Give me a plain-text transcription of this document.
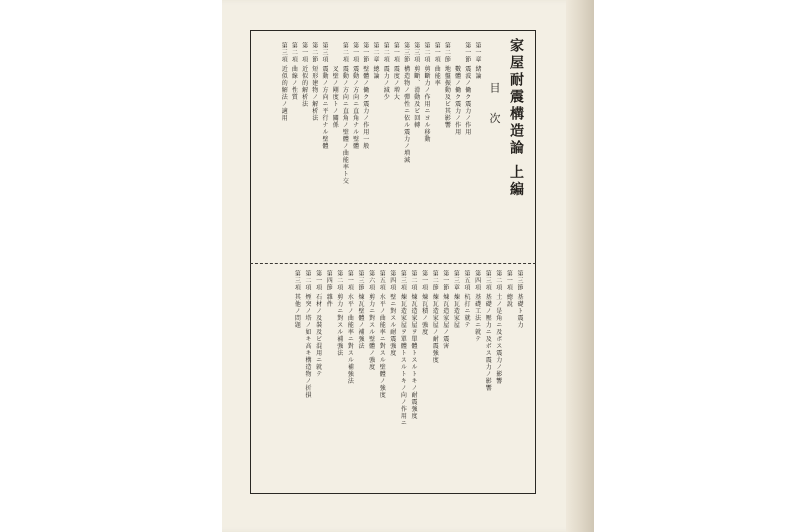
家屋耐震構造論 上編
目 次
第一章 緒論
第一節 震波ノ働ク震力ノ作用
　　　 數體ノ働ク震力ノ作用
第二節 地盤振動及ビ其影響
第一項 曲能率
第二項 剪斷力ノ作用ニヨル移動
第三項 剪斷、滑動及ビ回轉
第三節 構造物ノ彈性ニ依ル震力ノ増減
第一項 震度ノ増大
第二項 震力ノ減少
第二章 總論
第一節 壁體ノ働ク震力ノ作用一般
第一項 震動ノ方向ニ直角ナル壁體
第二項 震動ノ方向ニ直角ノ壁體ノ曲能率ト交
　　　 叉壁ノ剛度トノ關係
第三項 震動ノ方向ニ平行ナル壁體
第二節 短形建物ノ解析法
第一項 近似的解析法
第二項 曲線ノ性質
第三項 近似的解法ノ適用
第三節 基礎ト震力
第一項 總說
第二項 土ノ是角ニ及ボス震力ノ影響
第三項 基礎ノ壓力ニ及ボス震力ノ影響
第四項 基礎工法ニ就テ
第五項 杭打ニ就テ
第三章 煉瓦造家屋
第一節 煉瓦造家屋ノ震害
第二節 煉瓦造家屋ノ耐震強度
第一項 煉瓦積ノ強度
第二項 煉瓦造家屋ヲ單體トスルトキノ耐震強度
第三項 煉瓦造家屋ヲ單體トスルトキノ向ノ作用ニ
第四項 壁ニ對スル耐震強度
第五項 水平ノ曲能率ニ對スル壁體ノ強度
第六項 剪力ニ對スル壁體ノ強度
第三節 煉瓦壁體ノ補強法
第一項 水平ノ曲能率ニ對スル補強法
第二項 剪力ニ對スル補強法
第四節 雜件
第一項 石材ノ及裝及ビ混用ニ就テ
第二項 煙突ノ塔ノ如キ高キ構造物ノ折損
第三項 其他ノ問題
